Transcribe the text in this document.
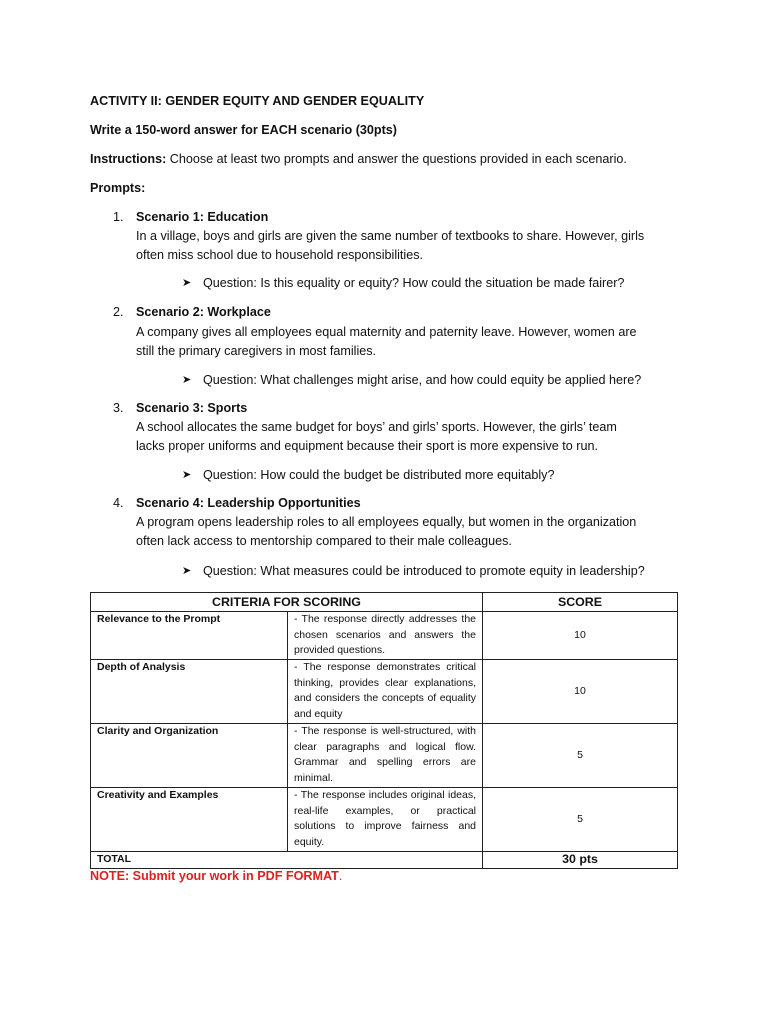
ACTIVITY II: GENDER EQUITY AND GENDER EQUALITY
Write a 150-word answer for EACH scenario (30pts)
Instructions: Choose at least two prompts and answer the questions provided in each scenario.
Prompts:
1. Scenario 1: Education
In a village, boys and girls are given the same number of textbooks to share. However, girls
often miss school due to household responsibilities.
➤ Question: Is this equality or equity? How could the situation be made fairer?
2. Scenario 2: Workplace
A company gives all employees equal maternity and paternity leave. However, women are
still the primary caregivers in most families.
➤ Question: What challenges might arise, and how could equity be applied here?
3. Scenario 3: Sports
A school allocates the same budget for boys’ and girls’ sports. However, the girls’ team
lacks proper uniforms and equipment because their sport is more expensive to run.
➤ Question: How could the budget be distributed more equitably?
4. Scenario 4: Leadership Opportunities
A program opens leadership roles to all employees equally, but women in the organization
often lack access to mentorship compared to their male colleagues.
➤ Question: What measures could be introduced to promote equity in leadership?
CRITERIA FOR SCORING		SCORE
Relevance to the Prompt	- The response directly addresses the chosen scenarios and answers the provided questions.	10
Depth of Analysis	- The response demonstrates critical thinking, provides clear explanations, and considers the concepts of equality and equity	10
Clarity and Organization	- The response is well-structured, with clear paragraphs and logical flow. Grammar and spelling errors are minimal.	5
Creativity and Examples	- The response includes original ideas, real-life examples, or practical solutions to improve fairness and equity.	5
TOTAL		30 pts
NOTE: Submit your work in PDF FORMAT.
